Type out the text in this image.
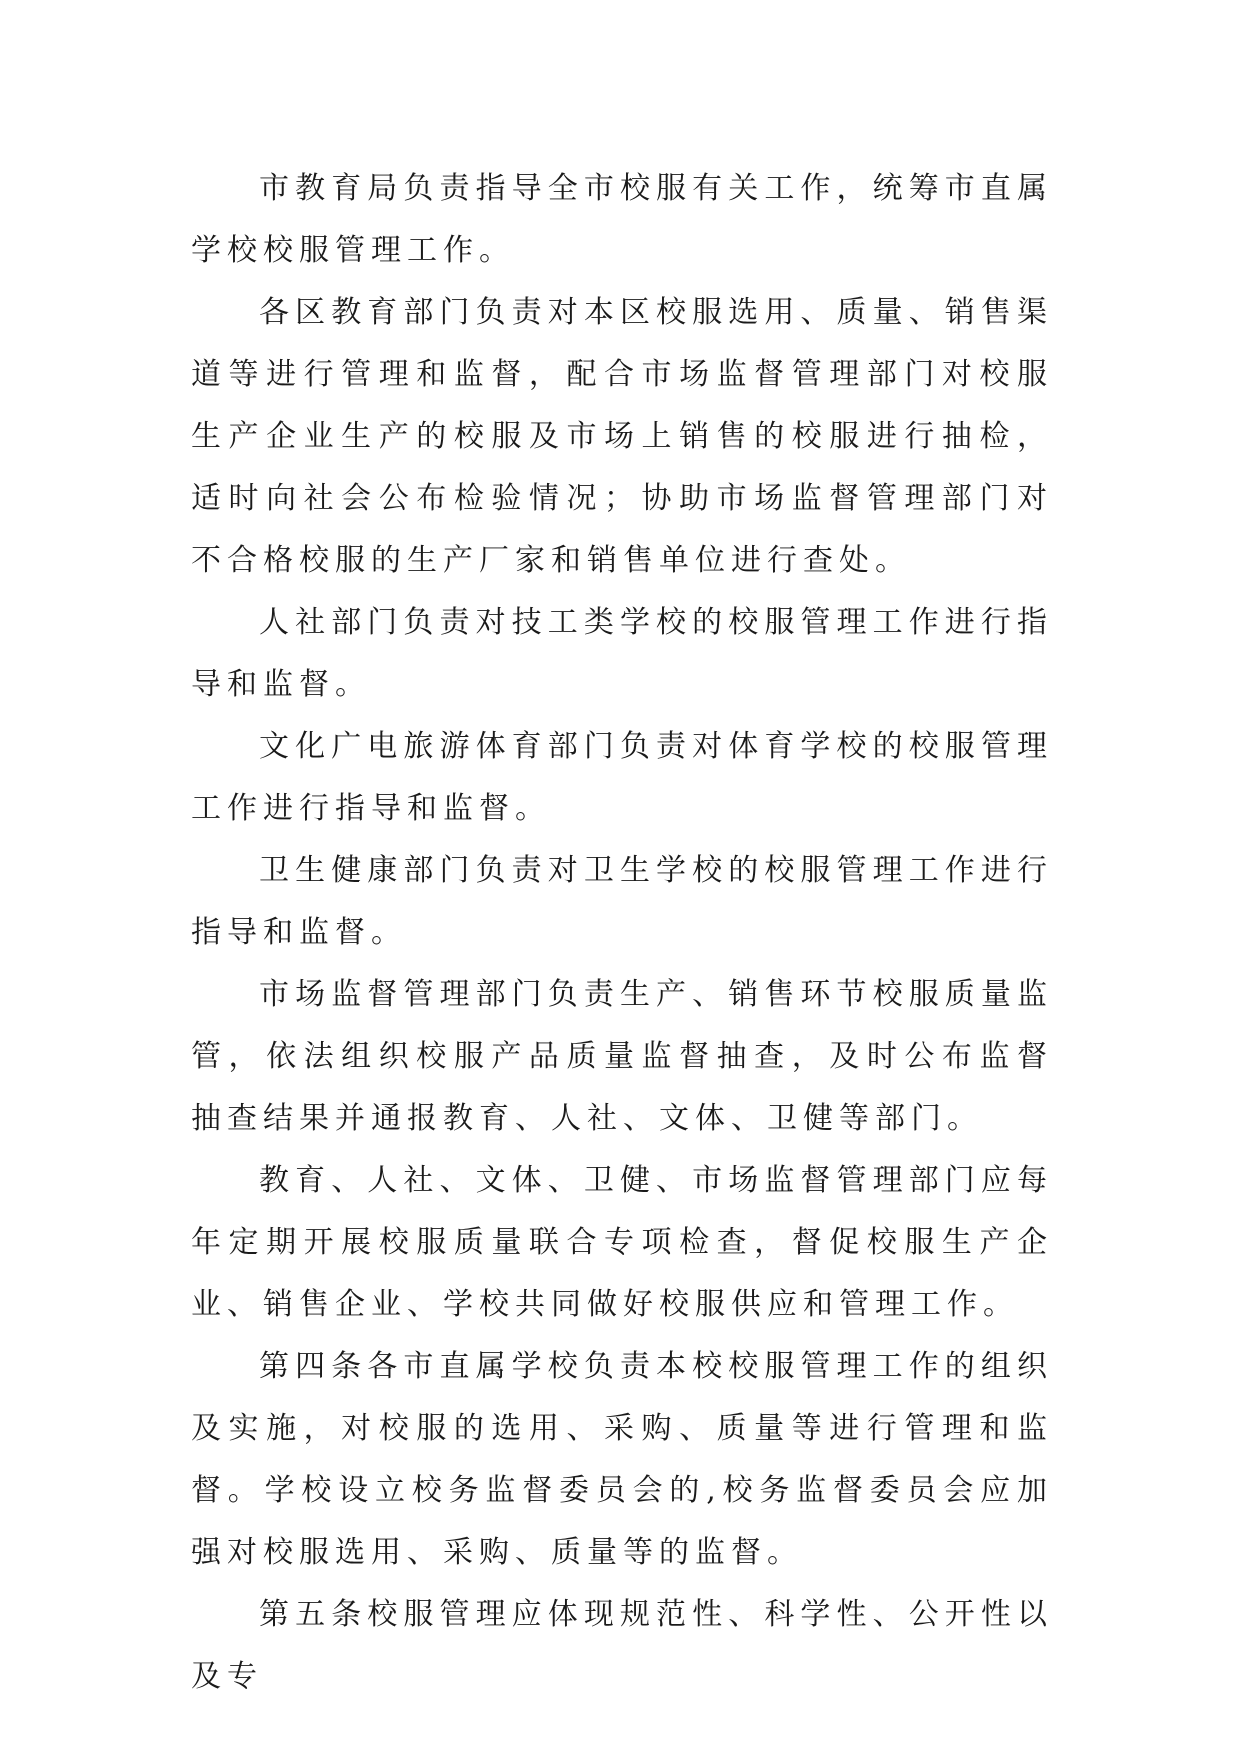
市教育局负责指导全市校服有关工作，统筹市直属学校校服管理工作。

各区教育部门负责对本区校服选用、质量、销售渠道等进行管理和监督，配合市场监督管理部门对校服生产企业生产的校服及市场上销售的校服进行抽检，适时向社会公布检验情况；协助市场监督管理部门对不合格校服的生产厂家和销售单位进行查处。

人社部门负责对技工类学校的校服管理工作进行指导和监督。

文化广电旅游体育部门负责对体育学校的校服管理工作进行指导和监督。

卫生健康部门负责对卫生学校的校服管理工作进行指导和监督。

市场监督管理部门负责生产、销售环节校服质量监管，依法组织校服产品质量监督抽查，及时公布监督抽查结果并通报教育、人社、文体、卫健等部门。

教育、人社、文体、卫健、市场监督管理部门应每年定期开展校服质量联合专项检查，督促校服生产企业、销售企业、学校共同做好校服供应和管理工作。

第四条各市直属学校负责本校校服管理工作的组织及实施，对校服的选用、采购、质量等进行管理和监督。学校设立校务监督委员会的,校务监督委员会应加强对校服选用、采购、质量等的监督。

第五条校服管理应体现规范性、科学性、公开性以及专
